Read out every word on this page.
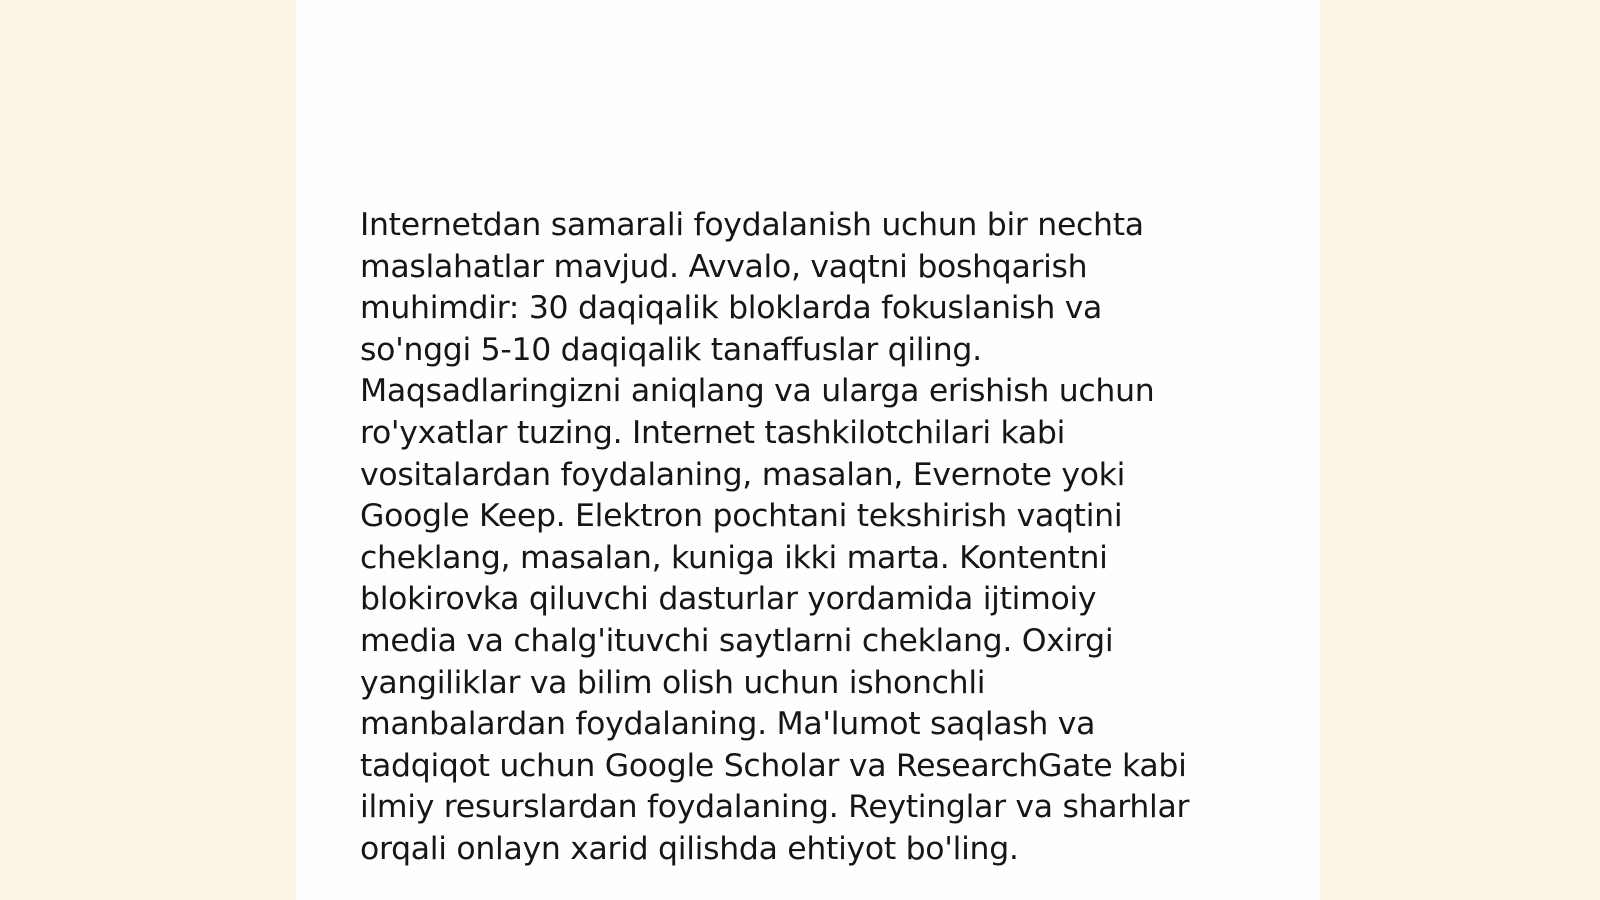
Internetdan samarali foydalanish uchun bir nechta
maslahatlar mavjud. Avvalo, vaqtni boshqarish
muhimdir: 30 daqiqalik bloklarda fokuslanish va
so'nggi 5-10 daqiqalik tanaffuslar qiling.
Maqsadlaringizni aniqlang va ularga erishish uchun
ro'yxatlar tuzing. Internet tashkilotchilari kabi
vositalardan foydalaning, masalan, Evernote yoki
Google Keep. Elektron pochtani tekshirish vaqtini
cheklang, masalan, kuniga ikki marta. Kontentni
blokirovka qiluvchi dasturlar yordamida ijtimoiy
media va chalg'ituvchi saytlarni cheklang. Oxirgi
yangiliklar va bilim olish uchun ishonchli
manbalardan foydalaning. Ma'lumot saqlash va
tadqiqot uchun Google Scholar va ResearchGate kabi
ilmiy resurslardan foydalaning. Reytinglar va sharhlar
orqali onlayn xarid qilishda ehtiyot bo'ling.
